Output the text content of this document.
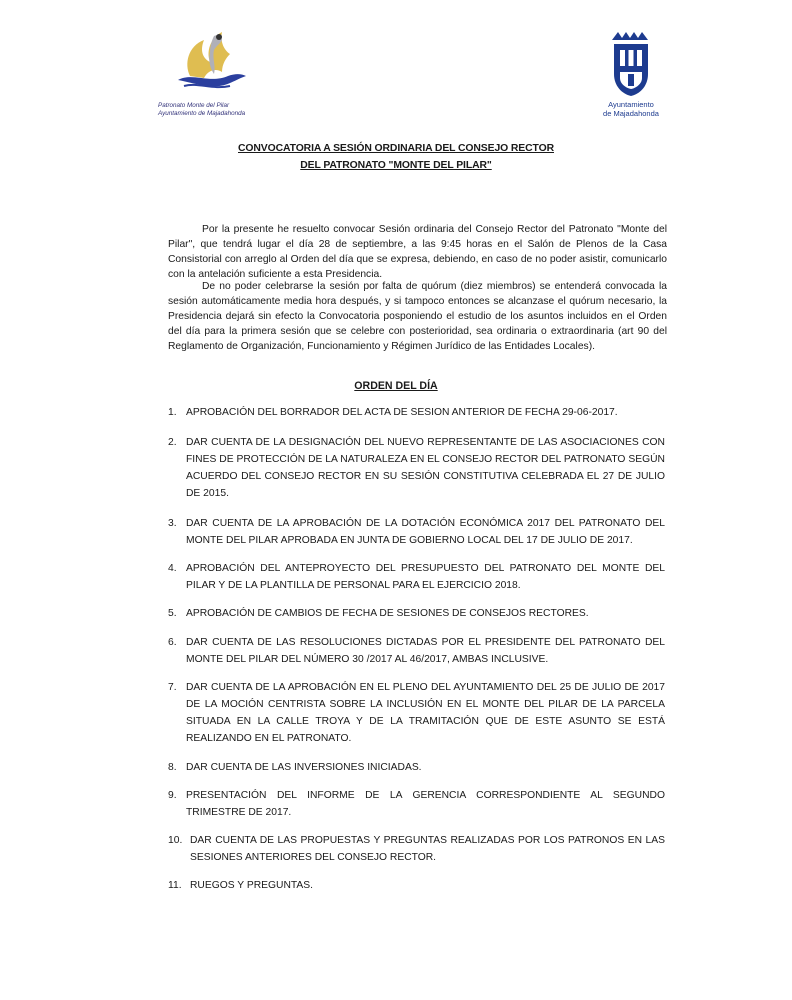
Patronato Monte del Pilar
Ayuntamiento de Majadahonda
Ayuntamiento
de Majadahonda
CONVOCATORIA A SESIÓN ORDINARIA DEL CONSEJO RECTOR
DEL PATRONATO "MONTE DEL PILAR"

Por la presente he resuelto convocar Sesión ordinaria del Consejo Rector del Patronato "Monte del Pilar", que tendrá lugar el día 28 de septiembre, a las 9:45 horas en el Salón de Plenos de la Casa Consistorial con arreglo al Orden del día que se expresa, debiendo, en caso de no poder asistir, comunicarlo con la antelación suficiente a esta Presidencia.

De no poder celebrarse la sesión por falta de quórum (diez miembros) se entenderá convocada la sesión automáticamente media hora después, y si tampoco entonces se alcanzase el quórum necesario, la Presidencia dejará sin efecto la Convocatoria posponiendo el estudio de los asuntos incluidos en el Orden del día para la primera sesión que se celebre con posterioridad, sea ordinaria o extraordinaria (art 90 del Reglamento de Organización, Funcionamiento y Régimen Jurídico de las Entidades Locales).

ORDEN DEL DÍA
1. APROBACIÓN DEL BORRADOR DEL ACTA DE SESION ANTERIOR DE FECHA 29-06-2017.
2. DAR CUENTA DE LA DESIGNACIÓN DEL NUEVO REPRESENTANTE DE LAS ASOCIACIONES CON FINES DE PROTECCIÓN DE LA NATURALEZA EN EL CONSEJO RECTOR DEL PATRONATO SEGÚN ACUERDO DEL CONSEJO RECTOR EN SU SESIÓN CONSTITUTIVA CELEBRADA EL 27 DE JULIO DE 2015.
3. DAR CUENTA DE LA APROBACIÓN DE LA DOTACIÓN ECONÓMICA 2017 DEL PATRONATO DEL MONTE DEL PILAR APROBADA EN JUNTA DE GOBIERNO LOCAL DEL 17 DE JULIO DE 2017.
4. APROBACIÓN DEL ANTEPROYECTO DEL PRESUPUESTO DEL PATRONATO DEL MONTE DEL PILAR Y DE LA PLANTILLA DE PERSONAL PARA EL EJERCICIO 2018.
5. APROBACIÓN DE CAMBIOS DE FECHA DE SESIONES DE CONSEJOS RECTORES.
6. DAR CUENTA DE LAS RESOLUCIONES DICTADAS POR EL PRESIDENTE DEL PATRONATO DEL MONTE DEL PILAR DEL NÚMERO 30 /2017 AL 46/2017, AMBAS INCLUSIVE.
7. DAR CUENTA DE LA APROBACIÓN EN EL PLENO DEL AYUNTAMIENTO DEL 25 DE JULIO DE 2017 DE LA MOCIÓN CENTRISTA SOBRE LA INCLUSIÓN EN EL MONTE DEL PILAR DE LA PARCELA SITUADA EN LA CALLE TROYA Y DE LA TRAMITACIÓN QUE DE ESTE ASUNTO SE ESTÁ REALIZANDO EN EL PATRONATO.
8. DAR CUENTA DE LAS INVERSIONES INICIADAS.
9. PRESENTACIÓN DEL INFORME DE LA GERENCIA CORRESPONDIENTE AL SEGUNDO TRIMESTRE DE 2017.
10. DAR CUENTA DE LAS PROPUESTAS Y PREGUNTAS REALIZADAS POR LOS PATRONOS EN LAS SESIONES ANTERIORES DEL CONSEJO RECTOR.
11. RUEGOS Y PREGUNTAS.
